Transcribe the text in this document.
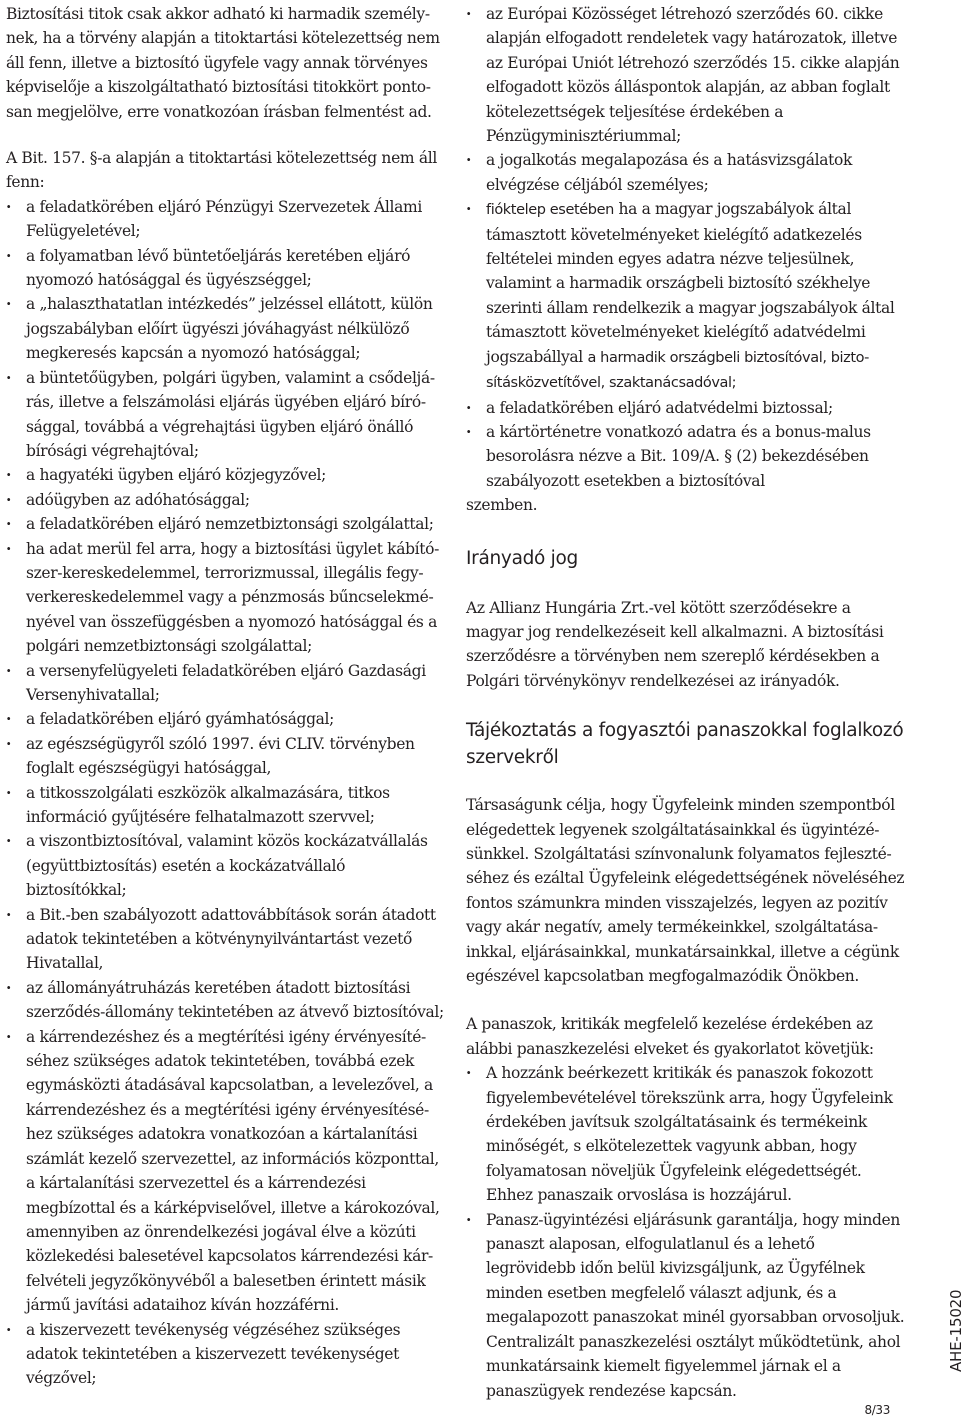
Biztosítási titok csak akkor adható ki harmadik személynek, ha a törvény alapján a titoktartási kötelezettség nem áll fenn, illetve a biztosító ügyfele vagy annak törvényes képviselője a kiszolgáltatható biztosítási titokkört pontosan megjelölve, erre vonatkozóan írásban felmentést ad.

A Bit. 157. §-a alapján a titoktartási kötelezettség nem áll fenn:

· a feladatkörében eljáró Pénzügyi Szervezetek Állami Felügyeletével;

· a folyamatban lévő büntetőeljárás keretében eljáró nyomozó hatósággal és ügyészséggel;

· a „halaszthatatlan intézkedés” jelzéssel ellátott, külön jogszabályban előírt ügyészi jóváhagyást nélkülöző megkeresés kapcsán a nyomozó hatósággal;

· a büntetőügyben, polgári ügyben, valamint a csődeljárás, illetve a felszámolási eljárás ügyében eljáró bírósággal, továbbá a végrehajtási ügyben eljáró önálló bírósági végrehajtóval;

· a hagyatéki ügyben eljáró közjegyzővel;

· adóügyben az adóhatósággal;

· a feladatkörében eljáró nemzetbiztonsági szolgálattal;

· ha adat merül fel arra, hogy a biztosítási ügylet kábítószer-kereskedelemmel, terrorizmussal, illegális fegyverkereskedelemmel vagy a pénzmosás bűncselekményével van összefüggésben a nyomozó hatósággal és a polgári nemzetbiztonsági szolgálattal;

· a versenyfelügyeleti feladatkörében eljáró Gazdasági Versenyhivatallal;

· a feladatkörében eljáró gyámhatósággal;

· az egészségügyről szóló 1997. évi CLIV. törvényben foglalt egészségügyi hatósággal,

· a titkosszolgálati eszközök alkalmazására, titkos információ gyűjtésére felhatalmazott szervvel;

· a viszontbiztosítóval, valamint közös kockázatvállalás (együttbiztosítás) esetén a kockázatvállaló biztosítókkal;

· a Bit.-ben szabályozott adattovábbítások során átadott adatok tekintetében a kötvénynyilvántartást vezető Hivatallal,

· az állományátruházás keretében átadott biztosítási szerződés-állomány tekintetében az átvevő biztosítóval;

· a kárrendezéshez és a megtérítési igény érvényesítéséhez szükséges adatok tekintetében, továbbá ezek egymásközti átadásával kapcsolatban, a levelezővel, a kárrendezéshez és a megtérítési igény érvényesítéséhez szükséges adatokra vonatkozóan a kártalanítási számlát kezelő szervezettel, az információs központtal, a kártalanítási szervezettel és a kárrendezési megbízottal és a kárképviselővel, illetve a károkozóval, amennyiben az önrendelkezési jogával élve a közúti közlekedési balesetével kapcsolatos kárrendezési kárfelvételi jegyzőkönyvéből a balesetben érintett másik jármű javítási adataihoz kíván hozzáférni.

· a kiszervezett tevékenység végzéséhez szükséges adatok tekintetében a kiszervezett tevékenységet végzővel;

· az Európai Közösséget létrehozó szerződés 60. cikke alapján elfogadott rendeletek vagy határozatok, illetve az Európai Uniót létrehozó szerződés 15. cikke alapján elfogadott közös álláspontok alapján, az abban foglalt kötelezettségek teljesítése érdekében a Pénzügyminisztériummal;

· a jogalkotás megalapozása és a hatásvizsgálatok elvégzése céljából személyes;

· fióktelep esetében ha a magyar jogszabályok által támasztott követelményeket kielégítő adatkezelés feltételei minden egyes adatra nézve teljesülnek, valamint a harmadik országbeli biztosító székhelye szerinti állam rendelkezik a magyar jogszabályok által támasztott követelményeket kielégítő adatvédelmi jogszabállyal a harmadik országbeli biztosítóval, biztosításközvetítővel, szaktanácsadóval;

· a feladatkörében eljáró adatvédelmi biztossal;

· a kártörténetre vonatkozó adatra és a bonus-malus besorolásra nézve a Bit. 109/A. § (2) bekezdésében szabályozott esetekben a biztosítóval

szemben.

Irányadó jog

Az Allianz Hungária Zrt.-vel kötött szerződésekre a magyar jog rendelkezéseit kell alkalmazni. A biztosítási szerződésre a törvényben nem szereplő kérdésekben a Polgári törvénykönyv rendelkezései az irányadók.

Tájékoztatás a fogyasztói panaszokkal foglalkozó szervekről

Társaságunk célja, hogy Ügyfeleink minden szempontból elégedettek legyenek szolgáltatásainkkal és ügyintézésünkkel. Szolgáltatási színvonalunk folyamatos fejlesztéséhez és ezáltal Ügyfeleink elégedettségének növeléséhez fontos számunkra minden visszajelzés, legyen az pozitív vagy akár negatív, amely termékeinkkel, szolgáltatásainkkal, eljárásainkkal, munkatársainkkal, illetve a cégünk egészével kapcsolatban megfogalmazódik Önökben.

A panaszok, kritikák megfelelő kezelése érdekében az alábbi panaszkezelési elveket és gyakorlatot követjük:

· A hozzánk beérkezett kritikák és panaszok fokozott figyelembevételével törekszünk arra, hogy Ügyfeleink érdekében javítsuk szolgáltatásaink és termékeink minőségét, s elkötelezettek vagyunk abban, hogy folyamatosan növeljük Ügyfeleink elégedettségét. Ehhez panaszaik orvoslása is hozzájárul.

· Panasz-ügyintézési eljárásunk garantálja, hogy minden panaszt alaposan, elfogulatlanul és a lehető legrövidebb időn belül kivizsgáljunk, az Ügyfélnek minden esetben megfelelő választ adjunk, és a megalapozott panaszokat minél gyorsabban orvosoljuk. Centralizált panaszkezelési osztályt működtetünk, ahol munkatársaink kiemelt figyelemmel járnak el a panaszügyek rendezése kapcsán.

AHE-15020
8/33
